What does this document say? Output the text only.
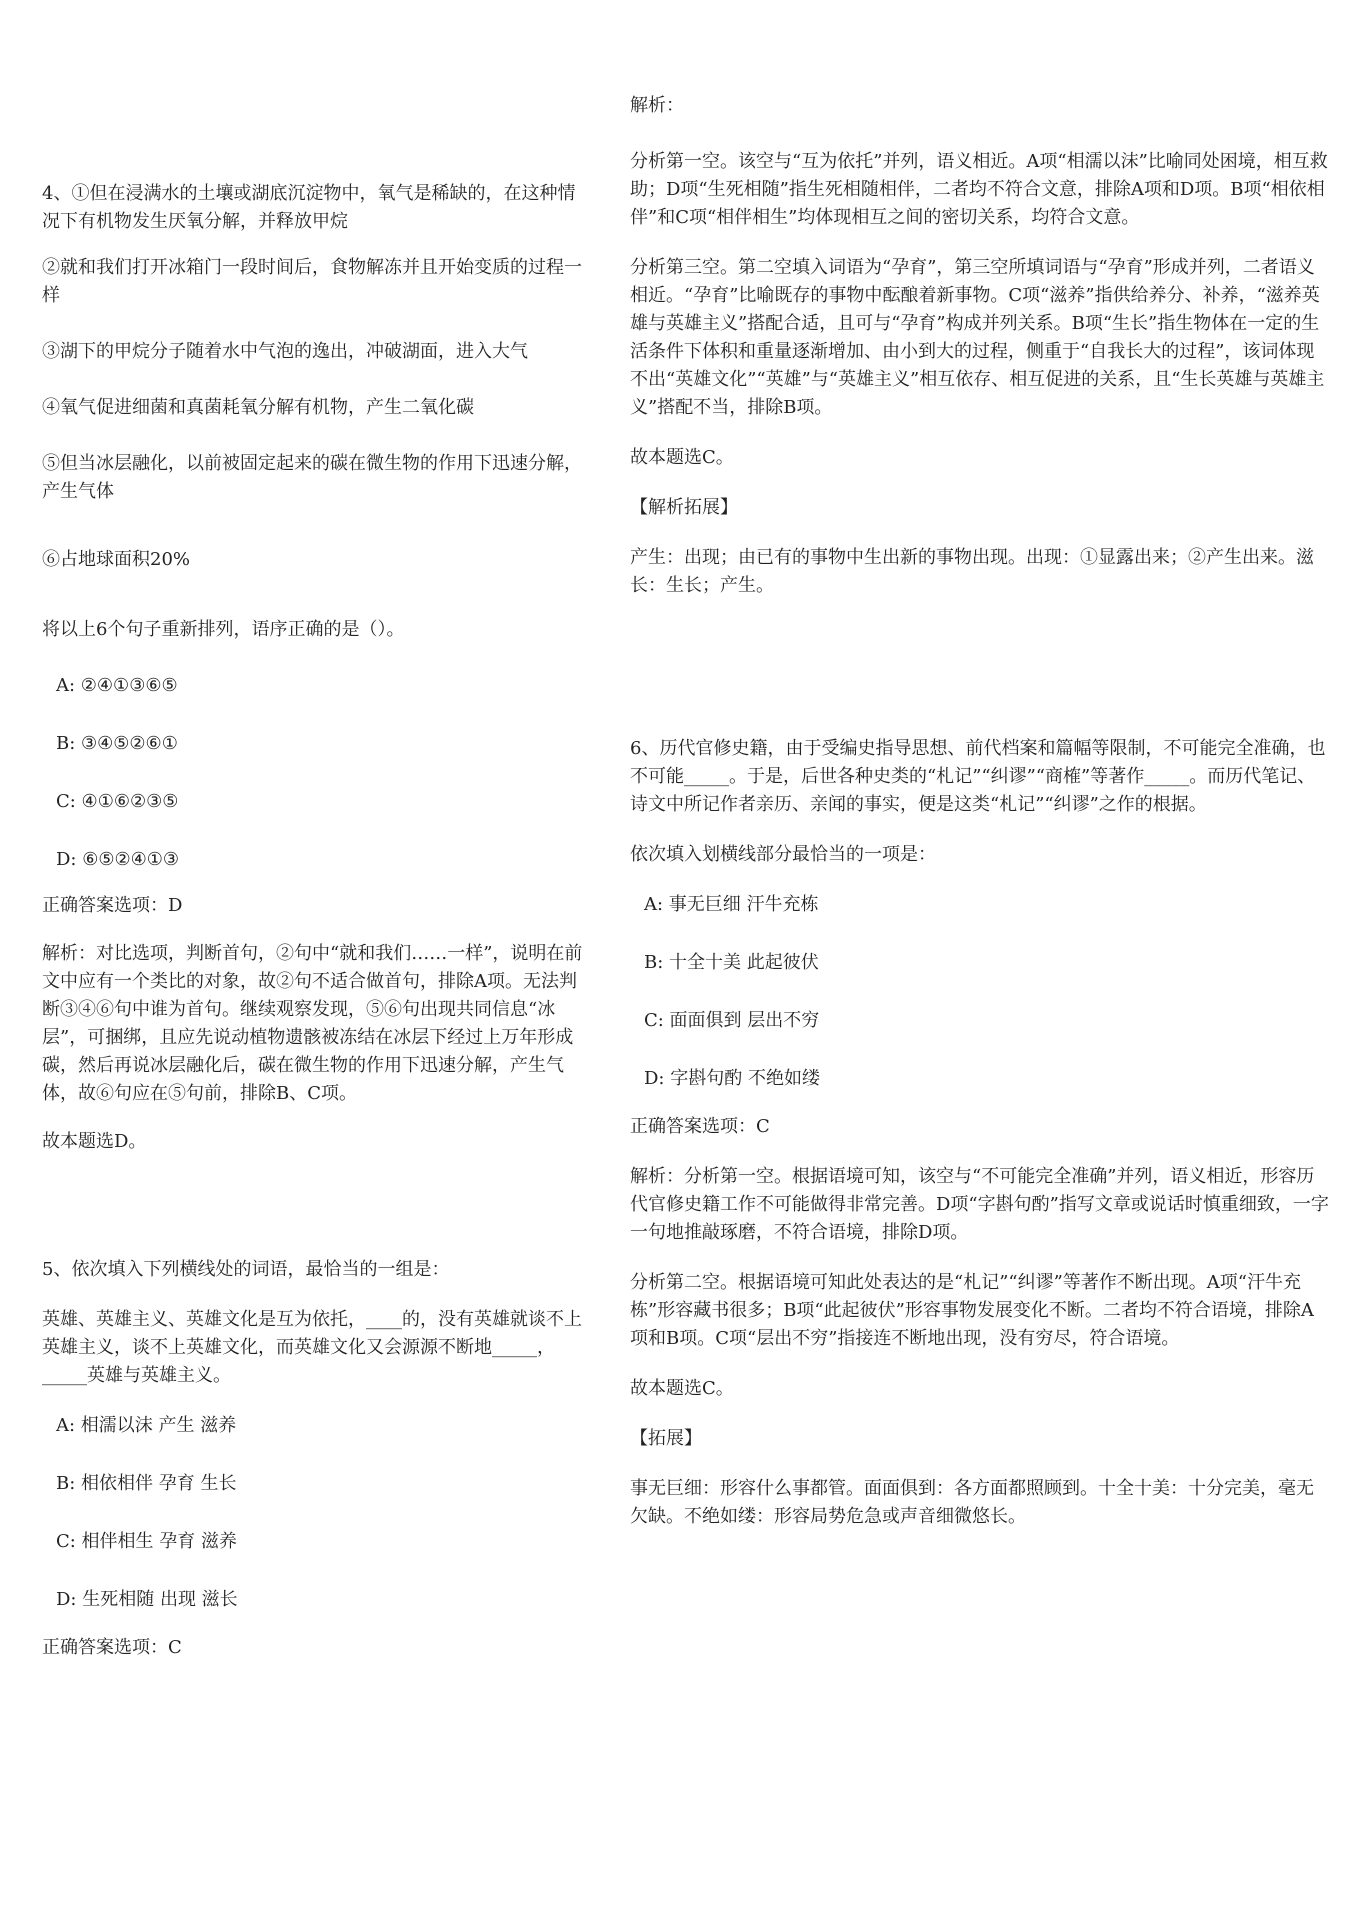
4、①但在浸满水的土壤或湖底沉淀物中，氧气是稀缺的，在这种情况下有机物发生厌氧分解，并释放甲烷

②就和我们打开冰箱门一段时间后，食物解冻并且开始变质的过程一样

③湖下的甲烷分子随着水中气泡的逸出，冲破湖面，进入大气

④氧气促进细菌和真菌耗氧分解有机物，产生二氧化碳

⑤但当冰层融化，以前被固定起来的碳在微生物的作用下迅速分解，产生气体

⑥占地球面积20%

将以上6个句子重新排列，语序正确的是（）。

A: ②④①③⑥⑤

B: ③④⑤②⑥①

C: ④①⑥②③⑤

D: ⑥⑤②④①③

正确答案选项：D

解析：对比选项，判断首句，②句中“就和我们……一样”，说明在前文中应有一个类比的对象，故②句不适合做首句，排除A项。无法判断③④⑥句中谁为首句。继续观察发现，⑤⑥句出现共同信息“冰层”，可捆绑，且应先说动植物遗骸被冻结在冰层下经过上万年形成碳，然后再说冰层融化后，碳在微生物的作用下迅速分解，产生气体，故⑥句应在⑤句前，排除B、C项。

故本题选D。

5、依次填入下列横线处的词语，最恰当的一组是：

英雄、英雄主义、英雄文化是互为依托，____的，没有英雄就谈不上英雄主义，谈不上英雄文化，而英雄文化又会源源不断地_____，_____英雄与英雄主义。

A: 相濡以沫 产生 滋养

B: 相依相伴 孕育 生长

C: 相伴相生 孕育 滋养

D: 生死相随 出现 滋长

正确答案选项：C

解析：

分析第一空。该空与“互为依托”并列，语义相近。A项“相濡以沫”比喻同处困境，相互救助；D项“生死相随”指生死相随相伴，二者均不符合文意，排除A项和D项。B项“相依相伴”和C项“相伴相生”均体现相互之间的密切关系，均符合文意。

分析第三空。第二空填入词语为“孕育”，第三空所填词语与“孕育”形成并列，二者语义相近。“孕育”比喻既存的事物中酝酿着新事物。C项“滋养”指供给养分、补养，“滋养英雄与英雄主义”搭配合适，且可与“孕育”构成并列关系。B项“生长”指生物体在一定的生活条件下体积和重量逐渐增加、由小到大的过程，侧重于“自我长大的过程”，该词体现不出“英雄文化”“英雄”与“英雄主义”相互依存、相互促进的关系，且“生长英雄与英雄主义”搭配不当，排除B项。

故本题选C。

【解析拓展】

产生：出现；由已有的事物中生出新的事物出现。出现：①显露出来；②产生出来。滋长：生长；产生。

6、历代官修史籍，由于受编史指导思想、前代档案和篇幅等限制，不可能完全准确，也不可能_____。于是，后世各种史类的“札记”“纠谬”“商榷”等著作_____。而历代笔记、诗文中所记作者亲历、亲闻的事实，便是这类“札记”“纠谬”之作的根据。

依次填入划横线部分最恰当的一项是：

A: 事无巨细 汗牛充栋

B: 十全十美 此起彼伏

C: 面面俱到 层出不穷

D: 字斟句酌 不绝如缕

正确答案选项：C

解析：分析第一空。根据语境可知，该空与“不可能完全准确”并列，语义相近，形容历代官修史籍工作不可能做得非常完善。D项“字斟句酌”指写文章或说话时慎重细致，一字一句地推敲琢磨，不符合语境，排除D项。

分析第二空。根据语境可知此处表达的是“札记”“纠谬”等著作不断出现。A项“汗牛充栋”形容藏书很多；B项“此起彼伏”形容事物发展变化不断。二者均不符合语境，排除A项和B项。C项“层出不穷”指接连不断地出现，没有穷尽，符合语境。

故本题选C。

【拓展】

事无巨细：形容什么事都管。面面俱到：各方面都照顾到。十全十美：十分完美，毫无欠缺。不绝如缕：形容局势危急或声音细微悠长。
